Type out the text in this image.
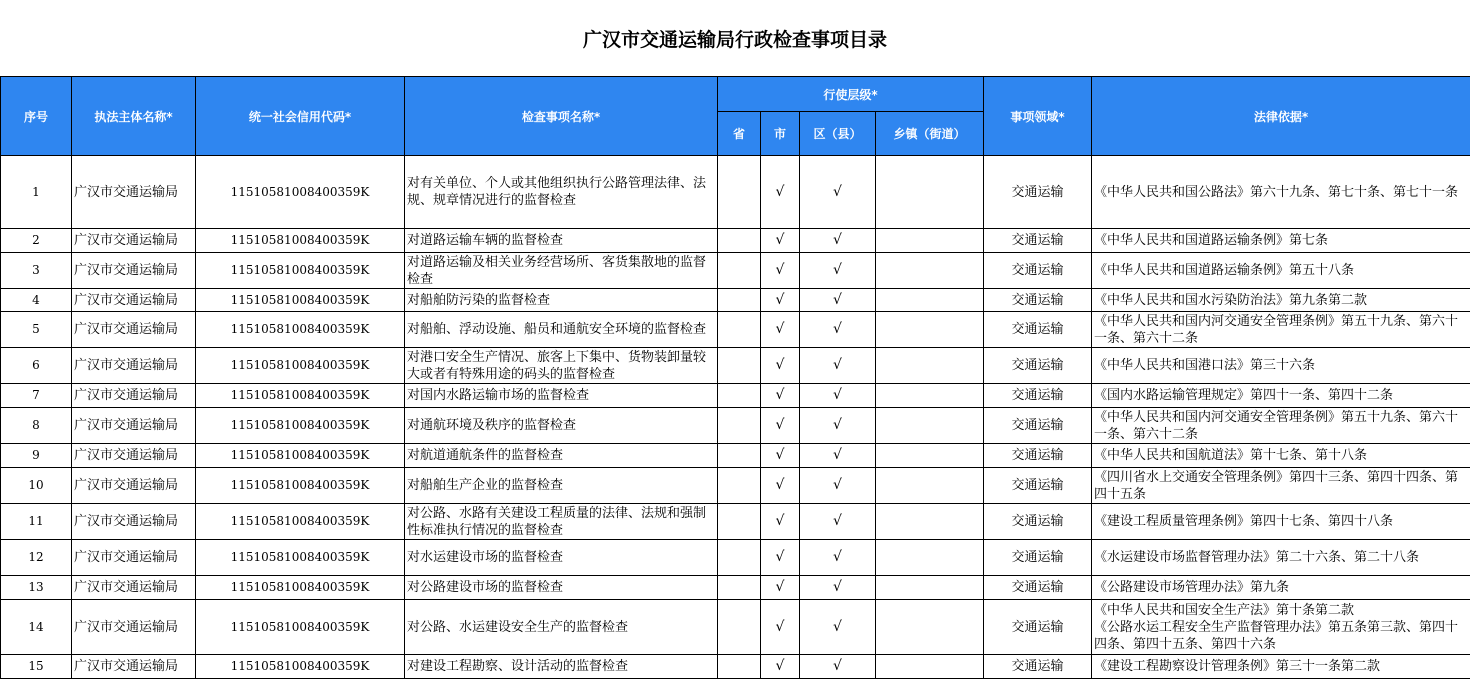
广汉市交通运输局行政检查事项目录
序号	执法主体名称*	统一社会信用代码*	检查事项名称*	行使层级*				事项领域*	法律依据*
				省	市	区（县）	乡镇（街道）		
1	广汉市交通运输局	11510581008400359K	对有关单位、个人或其他组织执行公路管理法律、法规、规章情况进行的监督检查		√	√		交通运输	《中华人民共和国公路法》第六十九条、第七十条、第七十一条
2	广汉市交通运输局	11510581008400359K	对道路运输车辆的监督检查		√	√		交通运输	《中华人民共和国道路运输条例》第七条
3	广汉市交通运输局	11510581008400359K	对道路运输及相关业务经营场所、客货集散地的监督检查		√	√		交通运输	《中华人民共和国道路运输条例》第五十八条
4	广汉市交通运输局	11510581008400359K	对船舶防污染的监督检查		√	√		交通运输	《中华人民共和国水污染防治法》第九条第二款
5	广汉市交通运输局	11510581008400359K	对船舶、浮动设施、船员和通航安全环境的监督检查		√	√		交通运输	《中华人民共和国内河交通安全管理条例》第五十九条、第六十一条、第六十二条
6	广汉市交通运输局	11510581008400359K	对港口安全生产情况、旅客上下集中、货物装卸量较大或者有特殊用途的码头的监督检查		√	√		交通运输	《中华人民共和国港口法》第三十六条
7	广汉市交通运输局	11510581008400359K	对国内水路运输市场的监督检查		√	√		交通运输	《国内水路运输管理规定》第四十一条、第四十二条
8	广汉市交通运输局	11510581008400359K	对通航环境及秩序的监督检查		√	√		交通运输	《中华人民共和国内河交通安全管理条例》第五十九条、第六十一条、第六十二条
9	广汉市交通运输局	11510581008400359K	对航道通航条件的监督检查		√	√		交通运输	《中华人民共和国航道法》第十七条、第十八条
10	广汉市交通运输局	11510581008400359K	对船舶生产企业的监督检查		√	√		交通运输	《四川省水上交通安全管理条例》第四十三条、第四十四条、第四十五条
11	广汉市交通运输局	11510581008400359K	对公路、水路有关建设工程质量的法律、法规和强制性标准执行情况的监督检查		√	√		交通运输	《建设工程质量管理条例》第四十七条、第四十八条
12	广汉市交通运输局	11510581008400359K	对水运建设市场的监督检查		√	√		交通运输	《水运建设市场监督管理办法》第二十六条、第二十八条
13	广汉市交通运输局	11510581008400359K	对公路建设市场的监督检查		√	√		交通运输	《公路建设市场管理办法》第九条
14	广汉市交通运输局	11510581008400359K	对公路、水运建设安全生产的监督检查		√	√		交通运输	《中华人民共和国安全生产法》第十条第二款
《公路水运工程安全生产监督管理办法》第五条第三款、第四十四条、第四十五条、第四十六条
15	广汉市交通运输局	11510581008400359K	对建设工程勘察、设计活动的监督检查		√	√		交通运输	《建设工程勘察设计管理条例》第三十一条第二款
